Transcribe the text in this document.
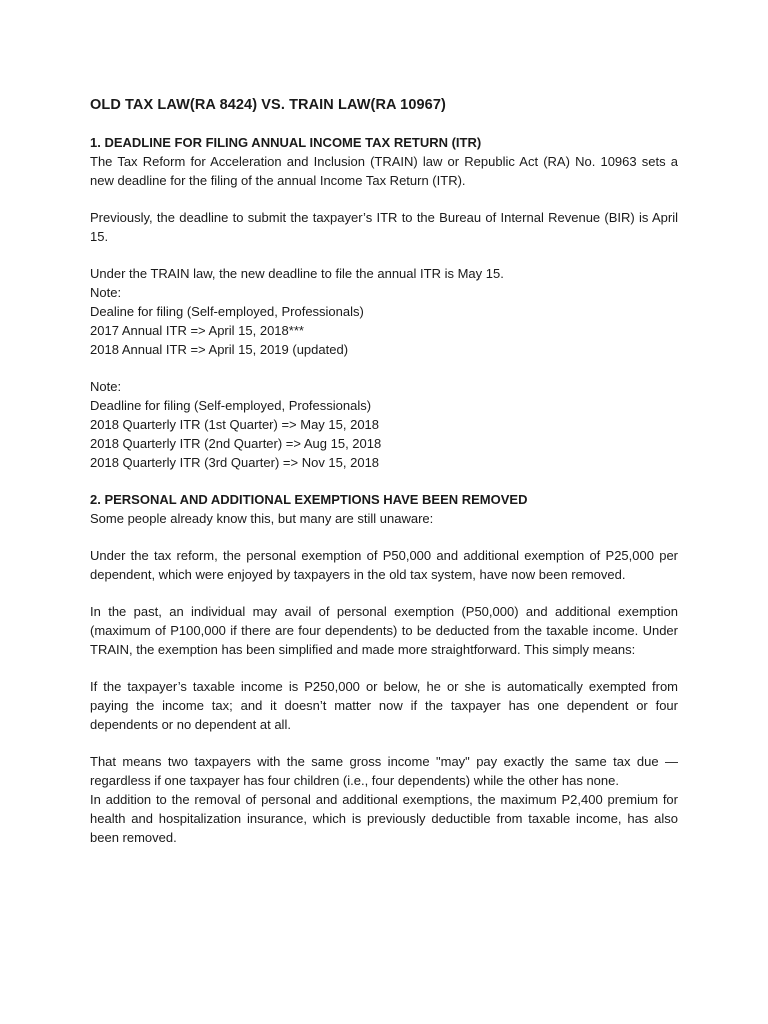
OLD TAX LAW(RA 8424) VS. TRAIN LAW(RA 10967)
1. DEADLINE FOR FILING ANNUAL INCOME TAX RETURN (ITR)

The Tax Reform for Acceleration and Inclusion (TRAIN) law or Republic Act (RA) No. 10963 sets a new deadline for the filing of the annual Income Tax Return (ITR).

Previously, the deadline to submit the taxpayer’s ITR to the Bureau of Internal Revenue (BIR) is April 15.

Under the TRAIN law, the new deadline to file the annual ITR is May 15.
Note:
Dealine for filing (Self-employed, Professionals)
2017 Annual ITR => April 15, 2018***
2018 Annual ITR => April 15, 2019 (updated)
Note:
Deadline for filing (Self-employed, Professionals)
2018 Quarterly ITR (1st Quarter) => May 15, 2018
2018 Quarterly ITR (2nd Quarter) => Aug 15, 2018
2018 Quarterly ITR (3rd Quarter) => Nov 15, 2018
2. PERSONAL AND ADDITIONAL EXEMPTIONS HAVE BEEN REMOVED

Some people already know this, but many are still unaware:

Under the tax reform, the personal exemption of P50,000 and additional exemption of P25,000 per dependent, which were enjoyed by taxpayers in the old tax system, have now been removed.

In the past, an individual may avail of personal exemption (P50,000) and additional exemption (maximum of P100,000 if there are four dependents) to be deducted from the taxable income. Under TRAIN, the exemption has been simplified and made more straightforward. This simply means:

If the taxpayer’s taxable income is P250,000 or below, he or she is automatically exempted from paying the income tax; and it doesn’t matter now if the taxpayer has one dependent or four dependents or no dependent at all.

That means two taxpayers with the same gross income "may" pay exactly the same tax due — regardless if one taxpayer has four children (i.e., four dependents) while the other has none.

In addition to the removal of personal and additional exemptions, the maximum P2,400 premium for health and hospitalization insurance, which is previously deductible from taxable income, has also been removed.
